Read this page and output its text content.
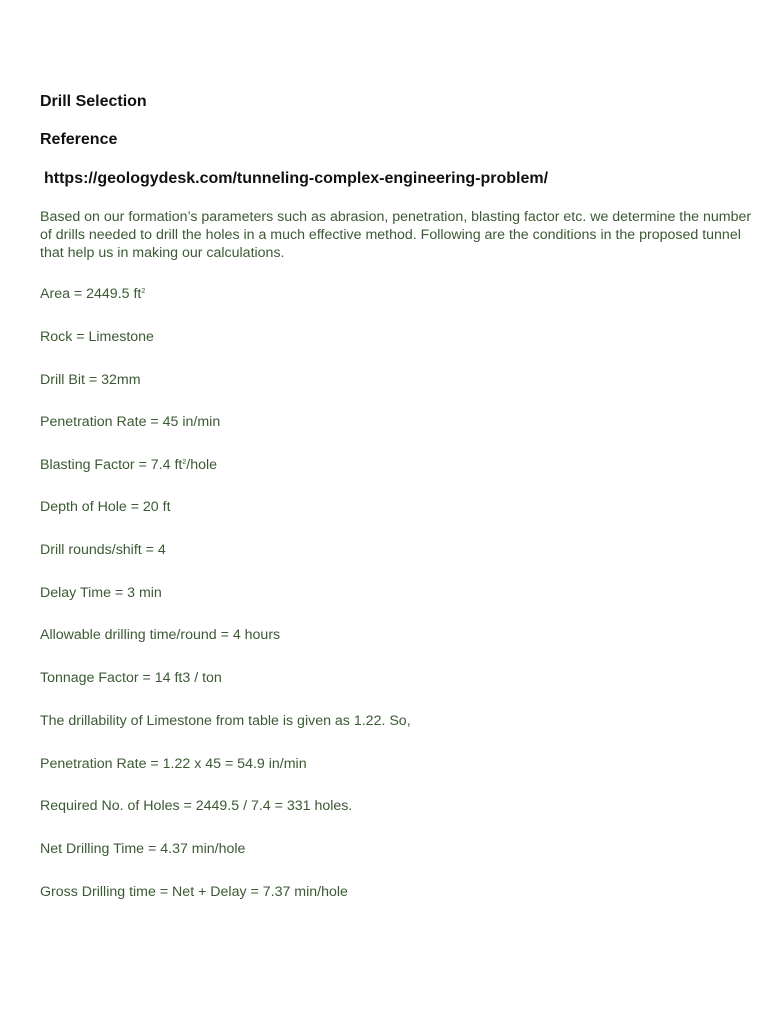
Drill Selection
Reference
https://geologydesk.com/tunneling-complex-engineering-problem/
Based on our formation’s parameters such as abrasion, penetration, blasting factor etc. we determine the number of drills needed to drill the holes in a much effective method. Following are the conditions in the proposed tunnel that help us in making our calculations.
Area = 2449.5 $ft^2$
Rock = Limestone
Drill Bit = 32mm
Penetration Rate = 45 in/min
Blasting Factor = 7.4 $ft^2$/hole
Depth of Hole = 20 ft
Drill rounds/shift = 4
Delay Time = 3 min
Allowable drilling time/round = 4 hours
Tonnage Factor = 14 ft3 / ton
The drillability of Limestone from table is given as 1.22. So,
Penetration Rate = 1.22 x 45 = 54.9 in/min
Required No. of Holes = 2449.5 / 7.4 = 331 holes.
Net Drilling Time = 4.37 min/hole
Gross Drilling time = Net + Delay = 7.37 min/hole
